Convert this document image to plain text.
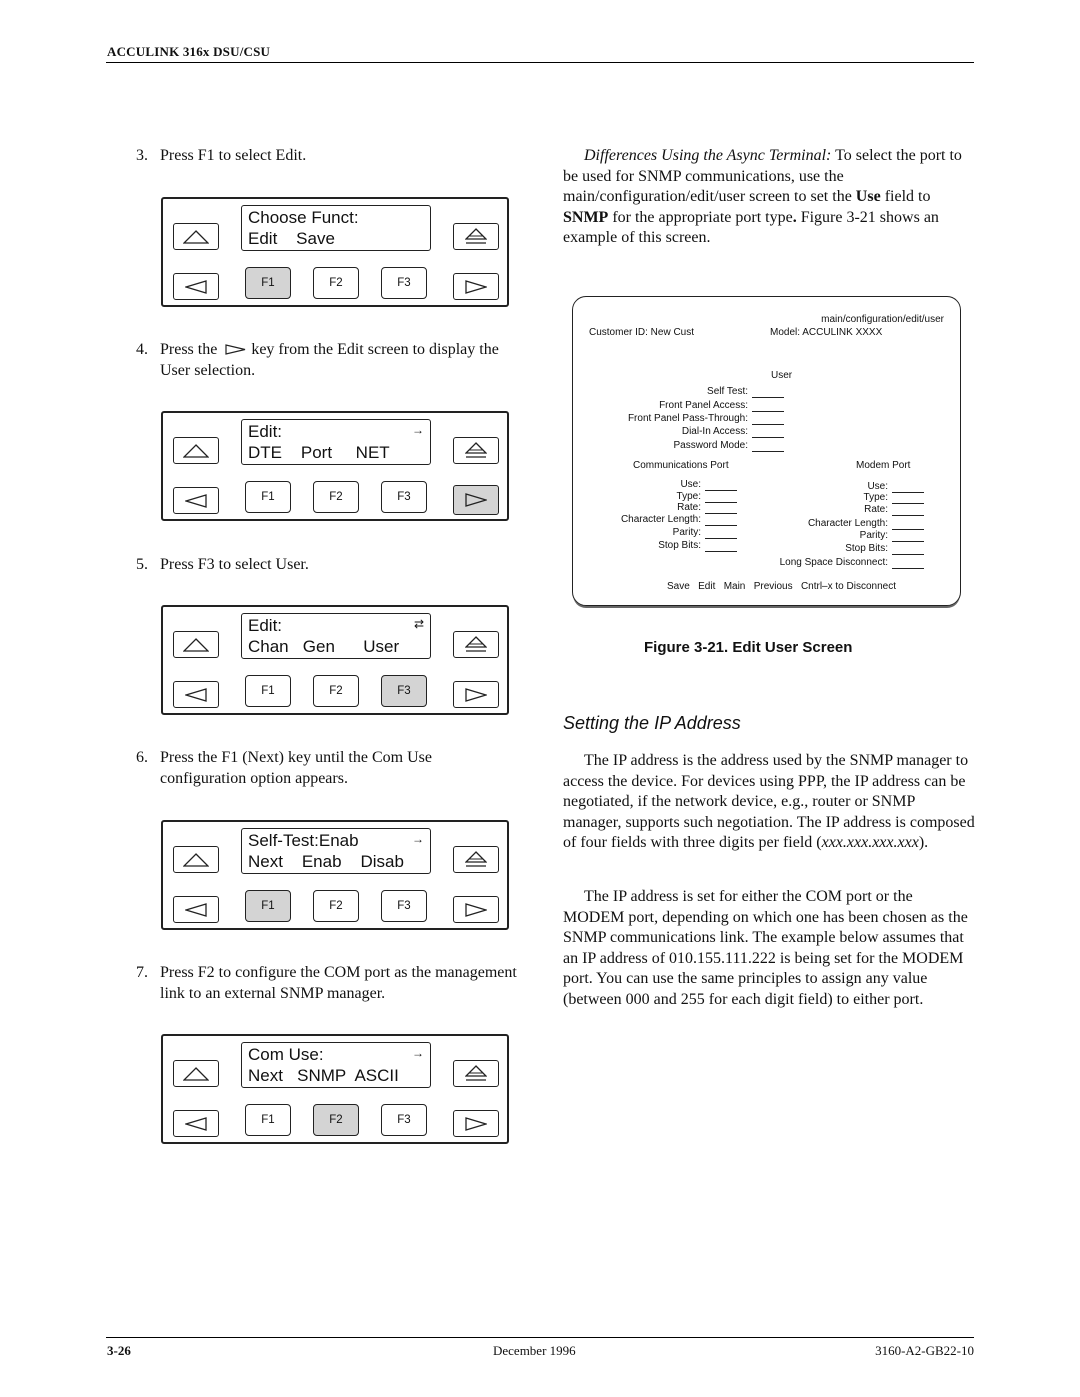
ACCULINK 316x DSU/CSU
3. Press F1 to select Edit.
Choose Funct:
Edit    Save
F1	F2	F3
4. Press the key from the Edit screen to display the User selection.
Edit:	→
DTE    Port     NET
F1	F2	F3
5. Press F3 to select User.
Edit:	⇄
Chan   Gen      User
F1	F2	F3
6. Press the F1 (Next) key until the Com Use configuration option appears.
Self-Test:Enab	→
Next    Enab    Disab
F1	F2	F3
7. Press F2 to configure the COM port as the management link to an external SNMP manager.
Com Use:	→
Next   SNMP  ASCII
F1	F2	F3
Differences Using the Async Terminal: To select the port to be used for SNMP communications, use the main/configuration/edit/user screen to set the Use field to SNMP for the appropriate port type. Figure 3-21 shows an example of this screen.
main/configuration/edit/user
Customer ID: New Cust	Model: ACCULINK XXXX
User
Self Test:
Front Panel Access:
Front Panel Pass-Through:
Dial-In Access:
Password Mode:
Communications Port	Modem Port
Use:
Type:
Rate:
Character Length:
Parity:
Stop Bits:
Use:
Type:
Rate:
Character Length:
Parity:
Stop Bits:
Long Space Disconnect:
Save   Edit   Main   Previous   Cntrl–x to Disconnect
Figure 3-21. Edit User Screen
Setting the IP Address
The IP address is the address used by the SNMP manager to access the device. For devices using PPP, the IP address can be negotiated, if the network device, e.g., router or SNMP manager, supports such negotiation. The IP address is composed of four fields with three digits per field (xxx.xxx.xxx.xxx).
The IP address is set for either the COM port or the MODEM port, depending on which one has been chosen as the SNMP communications link. The example below assumes that an IP address of 010.155.111.222 is being set for the MODEM port. You can use the same principles to assign any value (between 000 and 255 for each digit field) to either port.
3-26	December 1996	3160-A2-GB22-10
